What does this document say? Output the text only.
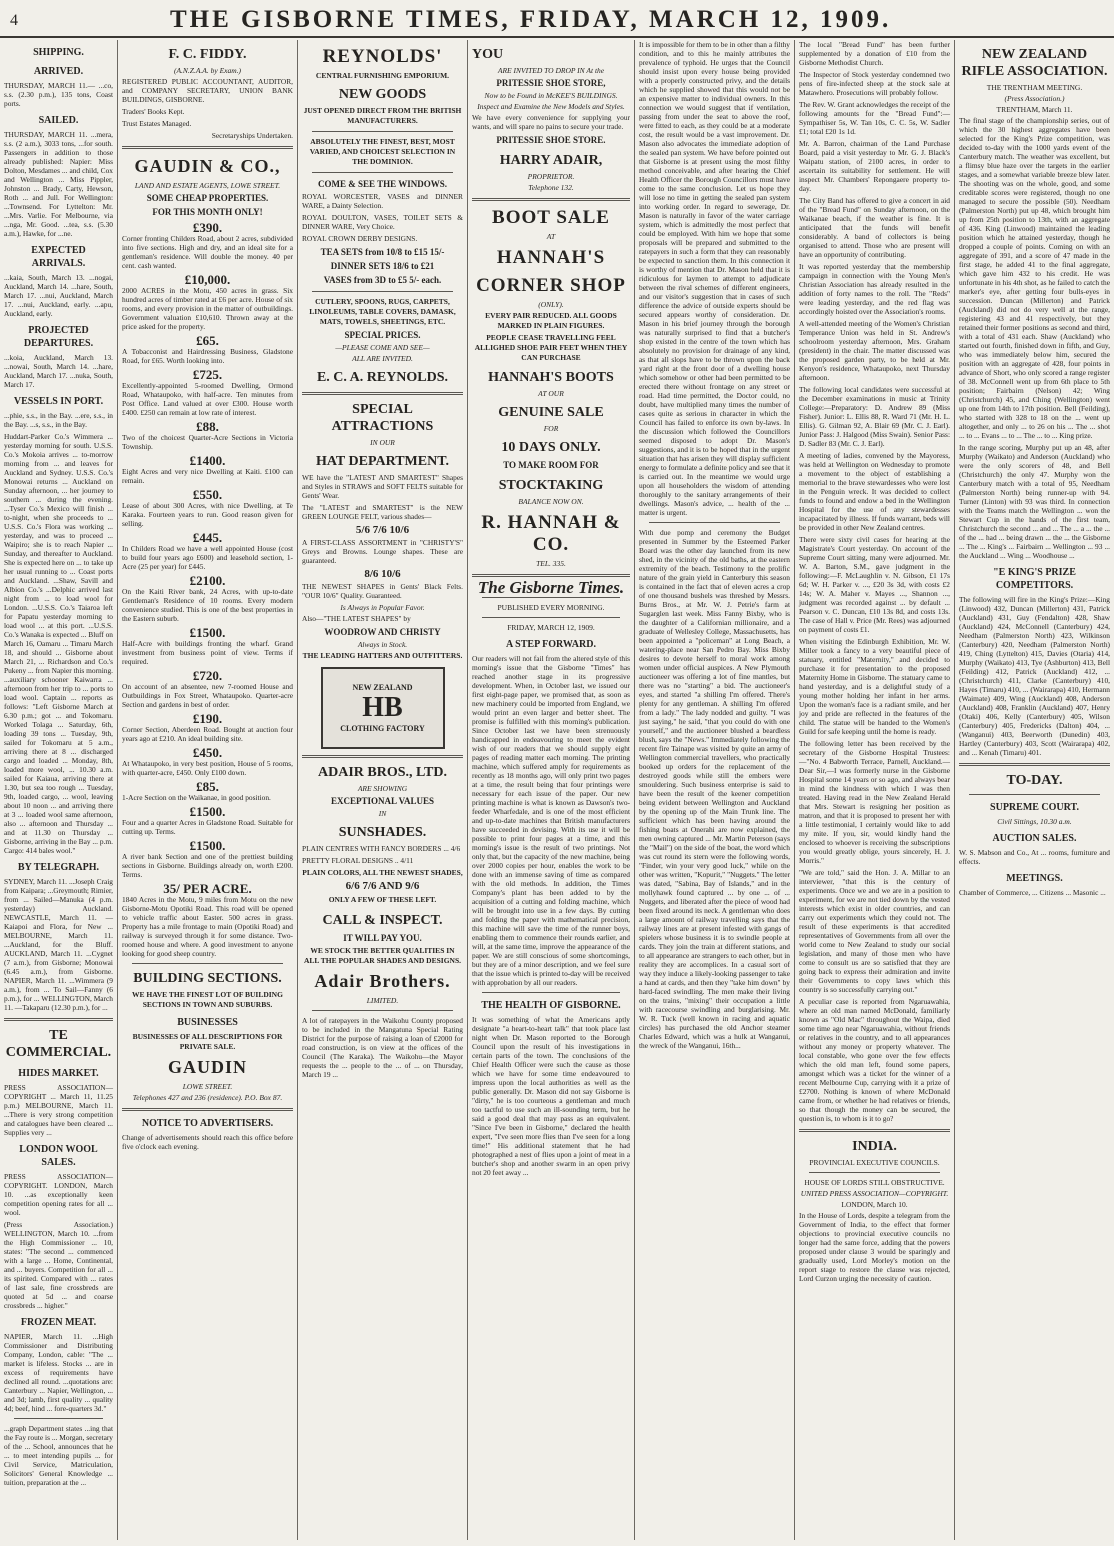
4	THE GISBORNE TIMES, FRIDAY, MARCH 12, 1909.
SHIPPING.
ARRIVED.

THURSDAY, MARCH 11.— ...co, s.s. (2.30 p.m.), 135 tons, Coast ports.

SAILED.

THURSDAY, MARCH 11. ...mera, s.s. (2 a.m.), 3033 tons, ...for south. Passengers in addition to those already published: Napier: Miss Dolton, Mesdames ... and child, Cox and Wellington ... Miss Pippler, Johnston ... Brady, Carty, Hewson, Roth ... and Jull. For Wellington: ...Townsend. For Lyttelton: Mr. ...Mrs. Varlie. For Melbourne, via ...nga, Mr. Good. ...tea, s.s. (5.30 a.m.), Hawke, for ...ne.

EXPECTED ARRIVALS.

...kaia, South, March 13. ...nogai, Auckland, March 14. ...hare, South, March 17. ...nui, Auckland, March 17. ...nui, Auckland, early. ...apu, Auckland, early.

PROJECTED DEPARTURES.

...koia, Auckland, March 13. ...nowai, South, March 14. ...hare, Auckland, March 17. ...nuka, South, March 17.

VESSELS IN PORT.

...phie, s.s., in the Bay. ...ere, s.s., in the Bay. ...s, s.s., in the Bay.

Huddart-Parker Co.'s Wimmera ... yesterday morning for south. U.S.S. Co.'s Mokoia arrives ... to-morrow morning from ... and leaves for Auckland and Sydney. U.S.S. Co.'s Monowai returns ... Auckland on Sunday afternoon, ... her journey to southern ... during the evening. ...Tyser Co.'s Mexico will finish ... to-night, when she proceeds to ... U.S.S. Co.'s Flora was working ... yesterday, and was to proceed ... Waipiro; she is to reach Napier ... Sunday, and thereafter to Auckland. She is expected here on ... to take up her usual running to ... Coast ports and Auckland. ...Shaw, Savill and Albion Co.'s ...Delphic arrived last night from ... to load wool for London. ...U.S.S. Co.'s Taiaroa left for Papatu yesterday morning to load wool ... at this port. ...U.S.S. Co.'s Wanaka is expected ... Bluff on March 16, Oamaru ... Timaru March 18, and should ... Gisborne about March 21, ... Richardson and Co.'s Pukeny ... from Napier this morning. ...auxiliary schooner Kaiwarra ... afternoon from her trip to ... ports to load wool. Captain ... reports as follows: "Left Gisborne March at 6.30 p.m.; got ... and Tokomaru. Worked Tolaga ... Saturday, 6th, loading 39 tons ... Tuesday, 9th, sailed for Tokomaru at 5 a.m., arriving there at 8 ... discharged cargo and loaded ... Monday, 8th, loaded more wool, ... 10.30 a.m. sailed for Kaiaua, arriving there at 1.30, but sea too rough ... Tuesday, 9th, loaded cargo, ... wool, leaving about 10 noon ... and arriving there at 3 ... loaded wool same afternoon, also ... afternoon and Thursday ... and at 11.30 on Thursday ... Gisborne, arriving in the Bay ... p.m. Cargo: 414 bales wool."

BY TELEGRAPH.

SYDNEY, March 11. ...Joseph Craig from Kaipara; ...Greymouth; Rimier, from ... Sailed—Manuka (4 p.m. yesterday) Auckland. NEWCASTLE, March 11. —Kaiapoi and Flora, for New ... MELBOURNE, March 11. ...Auckland, for the Bluff. AUCKLAND, March 11. ...Cygnet (7 a.m.), from Gisborne; Monowai (6.45 a.m.), from Gisborne. NAPIER, March 11. ...Wimmera (9 a.m.), from ... To Sail—Fanny (6 p.m.), for ... WELLINGTON, March 11. —Takaparu (12.30 p.m.), for ...

TE COMMERCIAL.
HIDES MARKET.

PRESS ASSOCIATION—COPYRIGHT ... March 11, 11.25 p.m.) MELBOURNE, March 11. ...There is very strong competition and catalogues have been cleared ... Supplies very ...

LONDON WOOL SALES.

PRESS ASSOCIATION—COPYRIGHT. LONDON, March 10. ...as exceptionally keen competition opening rates for all ... wool.

(Press Association.) WELLINGTON, March 10. ...from the High Commissioner ... 10, states: "The second ... commenced with a large ... Home, Continental, and ... buyers. Competition for all ... its spirited. Compared with ... rates of last sale, fine crossbreds are quoted at 5d ... and coarse crossbreds ... higher."

FROZEN MEAT.

NAPIER, March 11. ...High Commissioner and Distributing Company, London, cable: "The ... market is lifeless. Stocks ... are in excess of requirements have declined all round. ...quotations are: Canterbury ... Napier, Wellington, ... and 3d; lamb, first quality ... quality 4d; beef, hind ... fore-quarters 3d."

...graph Department states ...ing that the Fay route is ... Morgan, secretary of the ... School, announces that he ... to meet intending pupils ... for Civil Service, Matriculation, Solicitors' General Knowledge ... tuition, preparation at the ...

F. C. FIDDY.
(A.N.Z.A.A. by Exam.)

REGISTERED PUBLIC ACCOUNTANT, AUDITOR, and COMPANY SECRETARY, UNION BANK BUILDINGS, GISBORNE.

Traders' Books Kept.

Trust Estates Managed.

Secretaryships Undertaken.

GAUDIN & CO.,
LAND AND ESTATE AGENTS, LOWE STREET.
SOME CHEAP PROPERTIES.
FOR THIS MONTH ONLY!
£390.

Corner fronting Childers Road, about 2 acres, subdivided into five sections. High and dry, and an ideal site for a gentleman's residence. Will double the money. 40 per cent. cash wanted.

£10,000.

2000 ACRES in the Motu, 450 acres in grass. Six hundred acres of timber rated at £6 per acre. House of six rooms, and every provision in the matter of outbuildings. Government valuation £10,610. Thrown away at the price asked for the property.

£65.

A Tobacconist and Hairdressing Business, Gladstone Road, for £65. Worth looking into.

£725.

Excellently-appointed 5-roomed Dwelling, Ormond Road, Whataupoko, with half-acre. Ten minutes from Post Office. Land valued at over £300. House worth £400. £250 can remain at low rate of interest.

£88.

Two of the choicest Quarter-Acre Sections in Victoria Township.

£1400.

Eight Acres and very nice Dwelling at Kaiti. £100 can remain.

£550.

Lease of about 300 Acres, with nice Dwelling, at Te Karaka. Fourteen years to run. Good reason given for selling.

£445.

In Childers Road we have a well appointed House (cost to build four years ago £600) and leasehold section, 1-Acre (25 per year) for £445.

£2100.

On the Kaiti River bank, 24 Acres, with up-to-date Gentleman's Residence of 10 rooms. Every modern convenience studied. This is one of the best properties in the Eastern suburb.

£1500.

Half-Acre with buildings fronting the wharf. Grand investment from business point of view. Terms if required.

£720.

On account of an absentee, new 7-roomed House and Outbuildings in Fox Street, Whataupoko. Quarter-acre Section and gardens in best of order.

£190.

Corner Section, Aberdeen Road. Bought at auction four years ago at £210. An ideal building site.

£450.

At Whataupoko, in very best position, House of 5 rooms, with quarter-acre, £450. Only £100 down.

£85.

1-Acre Section on the Waikanae, in good position.

£1500.

Four and a quarter Acres in Gladstone Road. Suitable for cutting up. Terms.

£1500.

A river bank Section and one of the prettiest building sections in Gisborne. Buildings already on, worth £200. Terms.

35/ PER ACRE.

1840 Acres in the Motu, 9 miles from Motu on the new Gisborne-Motu Opotiki Road. This road will be opened to vehicle traffic about Easter. 500 acres in grass. Property has a mile frontage to main (Opotiki Road) and railway is surveyed through it for some distance. Two-roomed house and where. A good investment to anyone looking for good sheep country.

BUILDING SECTIONS.
WE HAVE THE FINEST LOT OF BUILDING SECTIONS IN TOWN AND SUBURBS.
BUSINESSES
BUSINESSES OF ALL DESCRIPTIONS FOR PRIVATE SALE.
GAUDIN
LOWE STREET.
Telephones 427 and 236 (residence). P.O. Box 87.
NOTICE TO ADVERTISERS.

Change of advertisements should reach this office before five o'clock each evening.

REYNOLDS'
CENTRAL FURNISHING EMPORIUM.
NEW GOODS
JUST OPENED DIRECT FROM THE BRITISH MANUFACTURERS.
ABSOLUTELY THE FINEST, BEST, MOST VARIED, AND CHOICEST SELECTION IN THE DOMINION.
COME & SEE THE WINDOWS.

ROYAL WORCESTER, VASES and DINNER WARE, a Dainty Selection.

ROYAL DOULTON, VASES, TOILET SETS & DINNER WARE, Very Choice.

ROYAL CROWN DERBY DESIGNS.

TEA SETS from 10/8 to £15 15/-
DINNER SETS 18/6 to £21
VASES from 3D to £5 5/- each.
CUTLERY, SPOONS, RUGS, CARPETS, LINOLEUMS, TABLE COVERS, DAMASK, MATS, TOWELS, SHEETINGS, ETC.
SPECIAL PRICES.
—PLEASE COME AND SEE—
ALL ARE INVITED.
E. C. A. REYNOLDS.
SPECIAL ATTRACTIONS
IN OUR
HAT DEPARTMENT.

WE have the "LATEST AND SMARTEST" Shapes and Styles in STRAWS and SOFT FELTS suitable for Gents' Wear.

The "LATEST and SMARTEST" is the NEW GREEN LOUNGE FELT, various shades—

5/6 7/6 10/6

A FIRST-CLASS ASSORTMENT in "CHRISTY'S" Greys and Browns. Lounge shapes. These are guaranteed.

8/6 10/6

THE NEWEST SHAPES in Gents' Black Felts. "OUR 10/6" Quality. Guaranteed.

Is Always in Popular Favor.

Also—"THE LATEST SHAPES" by

WOODROW AND CHRISTY
Always in Stock.
THE LEADING HATTERS AND OUTFITTERS.
NEW ZEALAND
HB
CLOTHING FACTORY
ADAIR BROS., LTD.
ARE SHOWING
EXCEPTIONAL VALUES
IN
SUNSHADES.

PLAIN CENTRES WITH FANCY BORDERS ... 4/6

PRETTY FLORAL DESIGNS .. 4/11

PLAIN COLORS, ALL THE NEWEST SHADES,
6/6 7/6 AND 9/6
ONLY A FEW OF THESE LEFT.
CALL & INSPECT.
IT WILL PAY YOU.
WE STOCK THE BETTER QUALITIES IN ALL THE POPULAR SHADES AND DESIGNS.
Adair Brothers.
LIMITED.

A lot of ratepayers in the Waikohu County proposed to be included in the Mangatuna Special Rating District for the purpose of raising a loan of £2000 for road construction, is on view at the offices of the Council (The Karaka). The Waikohu—the Mayor requests the ... people to the ... of ... on Thursday, March 19 ...

YOU
ARE INVITED TO DROP IN At the
PRITESSIE SHOE STORE,
Now to be Found in McKEE'S BUILDINGS.
Inspect and Examine the New Models and Styles.

We have every convenience for supplying your wants, and will spare no pains to secure your trade.

PRITESSIE SHOE STORE.
HARRY ADAIR,
PROPRIETOR.
Telephone 132.
BOOT SALE
AT
HANNAH'S
CORNER SHOP
(ONLY).
EVERY PAIR REDUCED. ALL GOODS MARKED IN PLAIN FIGURES.
PEOPLE CEASE TRAVELLING FEEL ALLIGHED SHOE PAIR FEET WHEN THEY CAN PURCHASE
HANNAH'S BOOTS
AT OUR
GENUINE SALE
FOR
10 DAYS ONLY.
TO MAKE ROOM FOR
STOCKTAKING
BALANCE NOW ON.
R. HANNAH & CO.
TEL. 335.
The Gisborne Times.
PUBLISHED EVERY MORNING.
FRIDAY, MARCH 12, 1909.
A STEP FORWARD.

Our readers will not fail from the altered style of this morning's issue that the Gisborne "Times" has reached another stage in its progressive development. When, in October last, we issued our first eight-page paper, we promised that, as soon as new machinery could be imported from England, we would print an even larger and better sheet. The promise is fulfilled with this morning's publication. Since October last we have been strenuously handicapped in endeavouring to meet the evident wish of our readers that we should supply eight pages of reading matter each morning. The printing machine, which suffered amply for requirements as recently as 18 months ago, will only print two pages at a time, the result being that four printings were necessary for each issue of the paper. Our new printing machine is what is known as Dawson's two-feeder Wharfedale, and is one of the most efficient and up-to-date machines that British manufacturers have succeeded in devising. With its use it will be possible to print four pages at a time, and this morning's issue is the result of two printings. Not only that, but the capacity of the new machine, being over 2000 copies per hour, enables the work to be done with an immense saving of time as compared with the old methods. In addition, the Times Company's plant has been added to by the acquisition of a cutting and folding machine, which will be brought into use in a few days. By cutting and folding the paper with mathematical precision, this machine will save the time of the runner boys, enabling them to commence their rounds earlier, and will, at the same time, improve the appearance of the paper. We are still conscious of some shortcomings, but they are of a minor description, and we feel sure that the issue which is printed to-day will be received with approbation by all our readers.

THE HEALTH OF GISBORNE.

It was something of what the Americans aptly designate "a heart-to-heart talk" that took place last night when Dr. Mason reported to the Borough Council upon the result of his investigations in certain parts of the town. The conclusions of the Chief Health Officer were such the cause as those which we have for some time endeavoured to impress upon the local authorities as well as the public generally. Dr. Mason did not say Gisborne is "dirty," he is too courteous a gentleman and much too tactful to use such an ill-sounding term, but he said a good deal that may pass as an equivalent. "Since I've been in Gisborne," declared the health expert, "I've seen more flies than I've seen for a long time!" His additional statement that he had photographed a nest of flies upon a joint of meat in a butcher's shop and another swarm in an open privy not 20 feet away ...

It is impossible for them to be in other than a filthy condition, and to this he mainly attributes the prevalence of typhoid. He urges that the Council should insist upon every house being provided with a properly constructed privy, and the details which he supplied showed that this would not be an expensive matter to individual owners. In this connection we would suggest that if ventilation, passing from under the seat to above the roof, were fitted to each, as they could be at a moderate cost, the result would be a vast improvement. Dr. Mason also advocates the immediate adoption of the sealed pan system. We have before pointed out that Gisborne is at present using the most filthy method conceivable, and after hearing the Chief Health Officer the Borough Councillors must have come to the same conclusion. Let us hope they will lose no time in getting the sealed pan system into working order. In regard to sewerage, Dr. Mason is naturally in favor of the water carriage system, which is admittedly the most perfect that could be employed. With him we hope that some proposals will be prepared and submitted to the ratepayers in such a form that they can reasonably be expected to sanction them. In this connection it is worthy of mention that Dr. Mason held that it is ridiculous for laymen to attempt to adjudicate between the rival schemes of different engineers, and our visitor's suggestion that in cases of such difference the advice of outside experts should be secured appears worthy of consideration. Dr. Mason in his brief journey through the borough was naturally surprised to find that a butcher's shop existed in the centre of the town which has absolutely no provision for drainage of any kind, as that all slops have to be thrown upon the back yard right at the front door of a dwelling house which somehow or other had been permitted to be erected there without frontage on any street or road. Had time permitted, the Doctor could, no doubt, have multiplied many times the number of cases quite as serious in character in which the Council has failed to enforce its own by-laws. In the discussion which followed the Councillors seemed disposed to adopt Dr. Mason's suggestions, and it is to be hoped that in the urgent situation that has arisen they will display sufficient energy to formulate a definite policy and see that it is carried out. In the meantime we would urge upon all householders the wisdom of attending thoroughly to the sanitary arrangements of their dwellings. Mason's advice, ... health of the ... matter is urgent.

With due pomp and ceremony the Budget presented in Summer by the Esteemed Parker Board was the other day launched from its new shed, in the vicinity of the old baths, at the eastern extremity of the beach. Testimony to the prolific nature of the grain yield in Canterbury this season is contained in the fact that of eleven acres a crop of one thousand bushels was threshed by Messrs. Burns Bros., at Mr. W. J. Petrie's farm at Sugarglen last week. Miss Fanny Bixby, who is the daughter of a Californian millionaire, and a graduate of Wellesley College, Massachusetts, has been appointed a "policeman" at Long Beach, a watering-place near San Pedro Bay. Miss Bixby desires to devote herself to moral work among women under official auspices. A New Plymouth auctioneer was offering a lot of fine mantles, but there was no "starting" a bid. The auctioneer's eyes, and started "a shilling I'm offered. There's plenty for any gentleman. A shilling I'm offered from a lady." The lady nodded and guilty. "I was just saying," he said, "that you could do with one yourself," and the auctioneer blushed a beardless blush, says the "News." Immediately following the recent fire Tainape was visited by quite an army of Wellington commercial travellers, who practically booked up orders for the replacement of the destroyed goods while still the embers were smouldering. Such business enterprise is said to have been the result of the keener competition being evident between Wellington and Auckland by the opening up of the Main Trunk line. The sufficient which has been having around the fishing boats at Onerahi are now explained, the men owning captured ... Mr. Martin Peterson (says the "Mail") on the side of the boat, the word which was cut round its stern were the following words, "Finder, win your very good luck," while on the other was written, "Kopurit," "Nuggets." The letter was dated, "Sabina, Bay of Islands," and in the mollyhawk found captured ... by one ... of ... Nuggets, and liberated after the piece of wood had been fixed around its neck. A gentleman who does a large amount of railway travelling says that the railway lines are at present infested with gangs of spielers whose business it is to swindle people at cards. They join the train at different stations, and to all appearance are strangers to each other, but in reality they are accomplices. In a casual sort of way they induce a likely-looking passenger to take a hand at cards, and then they "take him down" by hard-faced swindling. The men make their living on the trains, "mixing" their occupation a little with racecourse swindling and burglarising. Mr. W. R. Tuck (well known in racing and aquatic circles) has purchased the old Anchor steamer Charles Edward, which was a hulk at Wanganui, the wreck of the Wanganui, 16th...

The local "Bread Fund" has been further supplemented by a donation of £10 from the Gisborne Methodist Church.

The Inspector of Stock yesterday condemned two pens of fire-infected sheep at the stock sale at Matawhero. Prosecutions will probably follow.

The Rev. W. Grant acknowledges the receipt of the following amounts for the "Bread Fund":—Sympathiser 5s, W. Tan 10s, C. C. 5s, W. Sadler £1; total £20 1s 1d.

Mr. A. Barron, chairman of the Land Purchase Board, paid a visit yesterday to Mr. G. J. Black's Waipatu station, of 2100 acres, in order to ascertain its suitability for settlement. He will inspect Mr. Chambers' Repongaere property to-day.

The City Band has offered to give a concert in aid of the "Bread Fund" on Sunday afternoon, on the Waikanae beach, if the weather is fine. It is anticipated that the funds will benefit considerably. A band of collectors is being organised to attend. Those who are present will have an opportunity of contributing.

It was reported yesterday that the membership campaign in connection with the Young Men's Christian Association has already resulted in the addition of forty names to the roll. The "Reds" were leading yesterday, and the red flag was accordingly hoisted over the Association's rooms.

A well-attended meeting of the Women's Christian Temperance Union was held in St. Andrew's schoolroom yesterday afternoon, Mrs. Graham (president) in the chair. The matter discussed was the proposed garden party, to be held at Mr. Kenyon's residence, Whataupoko, next Thursday afternoon.

The following local candidates were successful at the December examinations in music at Trinity College:—Preparatory: D. Andrew 89 (Miss Fisher). Junior: L. Ellis 88, R. Ward 71 (Mr. H. L. Ellis). G. Gilman 92, A. Blair 69 (Mr. C. J. Earl). Junior Pass: J. Halgood (Miss Swain). Senior Pass: D. Sadler 83 (Mr. C. J. Earl).

A meeting of ladies, convened by the Mayoress, was held at Wellington on Wednesday to promote a movement to the object of establishing a memorial to the brave stewardesses who were lost in the Penguin wreck. It was decided to collect funds to found and endow a bed in the Wellington Hospital for the use of any stewardesses incapacitated by illness. If funds warrant, beds will be provided in other New Zealand centres.

There were sixty civil cases for hearing at the Magistrate's Court yesterday. On account of the Supreme Court sitting, many were adjourned. Mr. W. A. Barton, S.M., gave judgment in the following:—F. McLaughlin v. N. Gibson, £1 17s 6d; W. H. Parker v. ..., £20 3s 3d, with costs £2 14s; W. A. Maher v. Mayes ..., Shannon ..., judgment was recorded against ... by default ... Pearson v. C. Duncan, £10 13s 8d, and costs 13s. The case of Hall v. Price (Mr. Rees) was adjourned on payment of costs £1.

When visiting the Edinburgh Exhibition, Mr. W. Miller took a fancy to a very beautiful piece of statuary, entitled "Maternity," and decided to purchase it for presentation to the proposed Maternity Home in Gisborne. The statuary came to hand yesterday, and is a delightful study of a young mother holding her infant in her arms. Upon the woman's face is a radiant smile, and her joy and pride are reflected in the features of the child. The statue will be handed to the Women's Guild for safe keeping until the home is ready.

The following letter has been received by the secretary of the Gisborne Hospital Trustees:—"No. 4 Babworth Terrace, Parnell, Auckland.—Dear Sir,—I was formerly nurse in the Gisborne Hospital some 14 years or so ago, and always bear in mind the kindness with which I was then treated. Having read in the New Zealand Herald that Mrs. Stewart is resigning her position as matron, and that it is proposed to present her with a little testimonial, I certainly would like to add my mite. If you, sir, would kindly hand the enclosed to whoever is receiving the subscriptions you would greatly oblige, yours sincerely, H. J. Morris."

"We are told," said the Hon. J. A. Millar to an interviewer, "that this is the century of experiments. Once we and we are in a position to experiment, for we are not tied down by the vested interests which exist in older countries, and can carry out experiments which they could not. The result of these experiments is that accredited representatives of Governments from all over the world come to New Zealand to study our social legislation, and many of those men who have come to consult us are so satisfied that they are going back to express their admiration and invite their Governments to copy laws which this country is so successfully carrying out."

A peculiar case is reported from Ngaruawahia, where an old man named McDonald, familiarly known as "Old Mac" throughout the Waipa, died some time ago near Ngaruawahia, without friends or relatives in the country, and to all appearances without any money or property whatever. The local constable, who gone over the few effects which the old man left, found some papers, amongst which was a ticket for the winner of a recent Melbourne Cup, carrying with it a prize of £2700. Nothing is known of where McDonald came from, or whether he had relatives or friends, so that though the money can be secured, the question is, to whom is it to go?

INDIA.
PROVINCIAL EXECUTIVE COUNCILS.
HOUSE OF LORDS STILL OBSTRUCTIVE.
UNITED PRESS ASSOCIATION—COPYRIGHT.
LONDON, March 10.

In the House of Lords, despite a telegram from the Government of India, to the effect that former objections to provincial executive councils no longer had the same force, adding that the powers proposed under clause 3 would be sparingly and gradually used, Lord Morley's motion on the report stage to restore the clause was rejected, Lord Curzon urging the necessity of caution.

NEW ZEALAND RIFLE ASSOCIATION.
THE TRENTHAM MEETING.
(Press Association.)
TRENTHAM, March 11.

The final stage of the championship series, out of which the 30 highest aggregates have been selected for the King's Prize competition, was decided to-day with the 1000 yards event of the Canterbury match. The weather was excellent, but a flimsy blue haze over the targets in the earlier stages, and a somewhat variable breeze blew later. The shooting was on the whole, good, and some creditable scores were registered, though no one managed to secure the possible (50). Needham (Palmerston North) put up 48, which brought him up from 25th position to 13th, with an aggregate of 436. King (Linwood) maintained the leading position which he attained yesterday, though he dropped a couple of points. Coming on with an aggregate of 391, and a score of 47 made in the first stage, he added 41 to the final aggregate, which gave him 432 to his credit. He was unfortunate in his 4th shot, as he failed to catch the marker's eye, after getting four bulls-eyes in succession. Duncan (Millerton) and Patrick (Auckland) did not do very well at the range, registering 43 and 41 respectively, but they retained their former positions as second and third, with a total of 431 each. Shaw (Auckland) who started out fourth, finished down in fifth, and Guy, who was immediately below him, secured the position with an aggregate of 428, four points in advance of Short, who only scored a range register of 38. McConnell went up from 6th place to 5th position; Fairbairn (Nelson) 42; Wing (Christchurch) 45, and Ching (Wellington) went up one from 14th to 17th position. Bell (Feilding), who started with 328 to 18 on the ... went up altogether, and only ... to 26 on his ... The ... shot ... to ... Evans ... to ... The ... to ... King prize.

In the range scoring, Murphy put up an 48, after Murphy (Waikato) and Anderson (Auckland) who were the only scorers of 48, and Bell (Christchurch) the only 47. Murphy won the Canterbury match with a total of 95, Needham (Palmerston North) being runner-up with 94. Turner (Linton) with 93 was third. In connection with the Teams match the Wellington ... won the Stewart Cup in the hands of the first team, Christchurch the second ... and ... The ... a ... the ... of the ... had ... being drawn ... the ... the Gisborne ... The ... King's ... Fairbairn ... Wellington ... 93 ... the Auckland ... Wing ... Woodhouse ...

"E KING'S PRIZE COMPETITORS.

The following will fire in the King's Prize:—King (Linwood) 432, Duncan (Millerton) 431, Patrick (Auckland) 431, Guy (Fendalton) 428, Shaw (Auckland) 424, McConnell (Canterbury) 424, Needham (Palmerston North) 423, Wilkinson (Canterbury) 420, Needham (Palmerston North) 419, Ching (Lyttelton) 415, Davies (Otaria) 414, Murphy (Waikato) 413, Tye (Ashburton) 413, Bell (Feilding) 412, Patrick (Auckland) 412, ... (Christchurch) 411, Clarke (Canterbury) 410, Hayes (Timaru) 410, ... (Wairarapa) 410, Hermann (Waimate) 409, Wing (Auckland) 408, Anderson (Auckland) 408, Franklin (Auckland) 407, Henry (Otaki) 406, Kelly (Canterbury) 405, Wilson (Canterbury) 405, Fredericks (Dalton) 404, ... (Wanganui) 403, Beerworth (Dunedin) 403, Hartley (Canterbury) 403, Scott (Wairarapa) 402, and ... Kenah (Timaru) 401.

TO-DAY.
SUPREME COURT.
Civil Sittings, 10.30 a.m.
AUCTION SALES.

W. S. Mabson and Co., At ... rooms, furniture and effects.

MEETINGS.

Chamber of Commerce, ... Citizens ... Masonic ...
